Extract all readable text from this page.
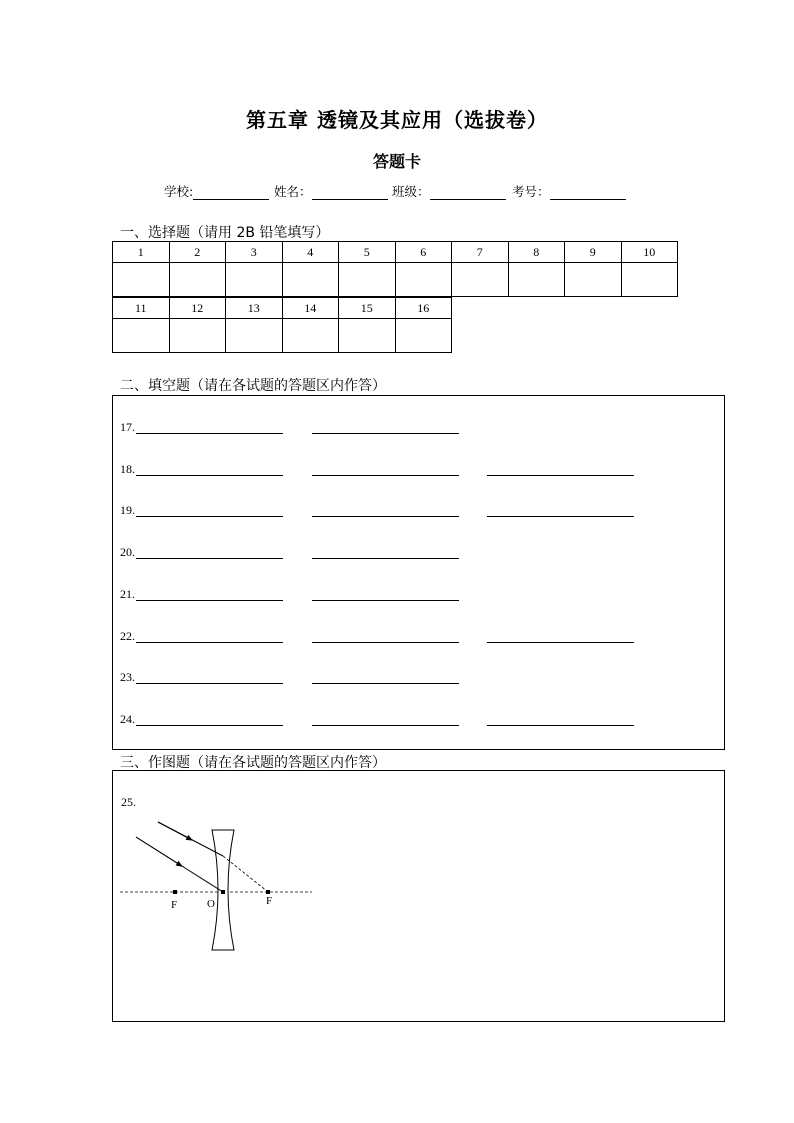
第五章 透镜及其应用（选拔卷）
答题卡
学校:	姓名：	班级：	考号：
一、选择题（请用 2B 铅笔填写）
1	2	3	4	5	6	7	8	9	10

11	12	13	14	15	16

二、填空题（请在各试题的答题区内作答）
17.
18.
19.
20.
21.
22.
23.
24.
三、作图题（请在各试题的答题区内作答）
25.
F	O	F
